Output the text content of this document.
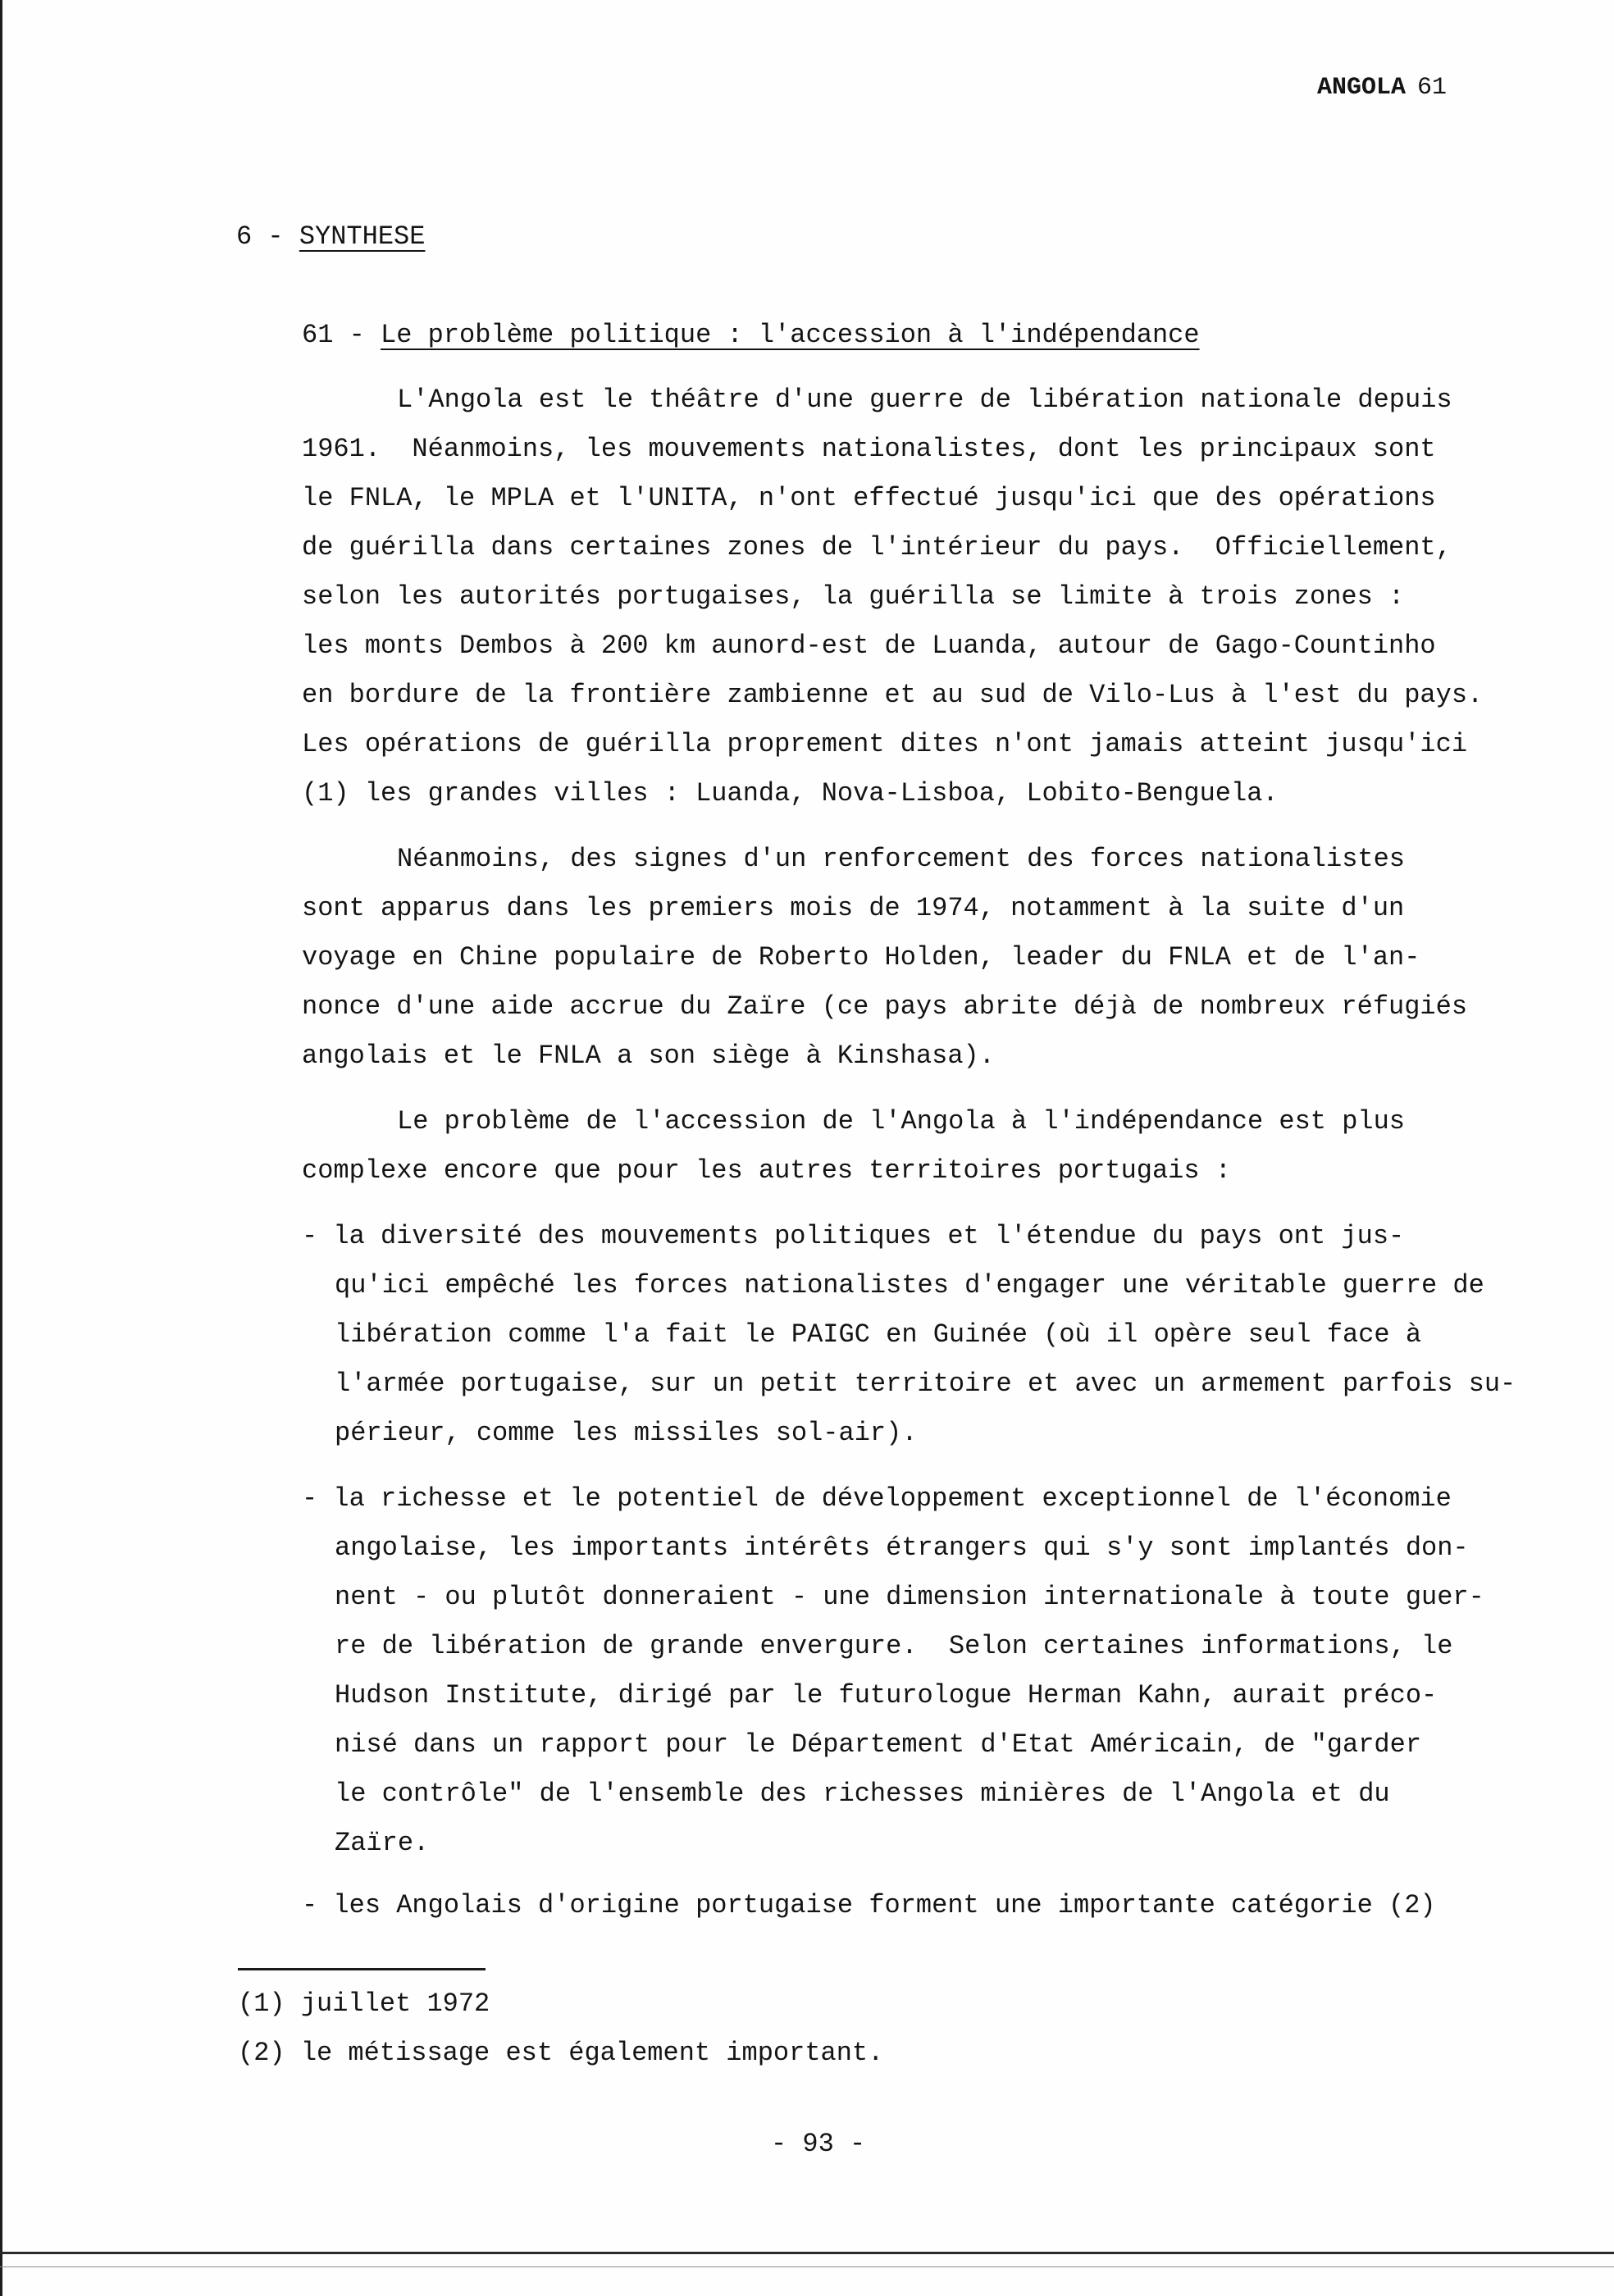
ANGOLA 61
6 - SYNTHESE
61 - Le problème politique : l'accession à l'indépendance
L'Angola est le théâtre d'une guerre de libération nationale depuis
1961.  Néanmoins, les mouvements nationalistes, dont les principaux sont
le FNLA, le MPLA et l'UNITA, n'ont effectué jusqu'ici que des opérations
de guérilla dans certaines zones de l'intérieur du pays.  Officiellement,
selon les autorités portugaises, la guérilla se limite à trois zones :
les monts Dembos à 200 km aunord-est de Luanda, autour de Gago-Countinho
en bordure de la frontière zambienne et au sud de Vilo-Lus à l'est du pays.
Les opérations de guérilla proprement dites n'ont jamais atteint jusqu'ici
(1) les grandes villes : Luanda, Nova-Lisboa, Lobito-Benguela.
Néanmoins, des signes d'un renforcement des forces nationalistes
sont apparus dans les premiers mois de 1974, notamment à la suite d'un
voyage en Chine populaire de Roberto Holden, leader du FNLA et de l'an-
nonce d'une aide accrue du Zaïre (ce pays abrite déjà de nombreux réfugiés
angolais et le FNLA a son siège à Kinshasa).
Le problème de l'accession de l'Angola à l'indépendance est plus
complexe encore que pour les autres territoires portugais :
- la diversité des mouvements politiques et l'étendue du pays ont jus-
qu'ici empêché les forces nationalistes d'engager une véritable guerre de
libération comme l'a fait le PAIGC en Guinée (où il opère seul face à
l'armée portugaise, sur un petit territoire et avec un armement parfois su-
périeur, comme les missiles sol-air).
- la richesse et le potentiel de développement exceptionnel de l'économie
angolaise, les importants intérêts étrangers qui s'y sont implantés don-
nent - ou plutôt donneraient - une dimension internationale à toute guer-
re de libération de grande envergure.  Selon certaines informations, le
Hudson Institute, dirigé par le futurologue Herman Kahn, aurait préco-
nisé dans un rapport pour le Département d'Etat Américain, de "garder
le contrôle" de l'ensemble des richesses minières de l'Angola et du
Zaïre.
- les Angolais d'origine portugaise forment une importante catégorie (2)
(1) juillet 1972
(2) le métissage est également important.
- 93 -
